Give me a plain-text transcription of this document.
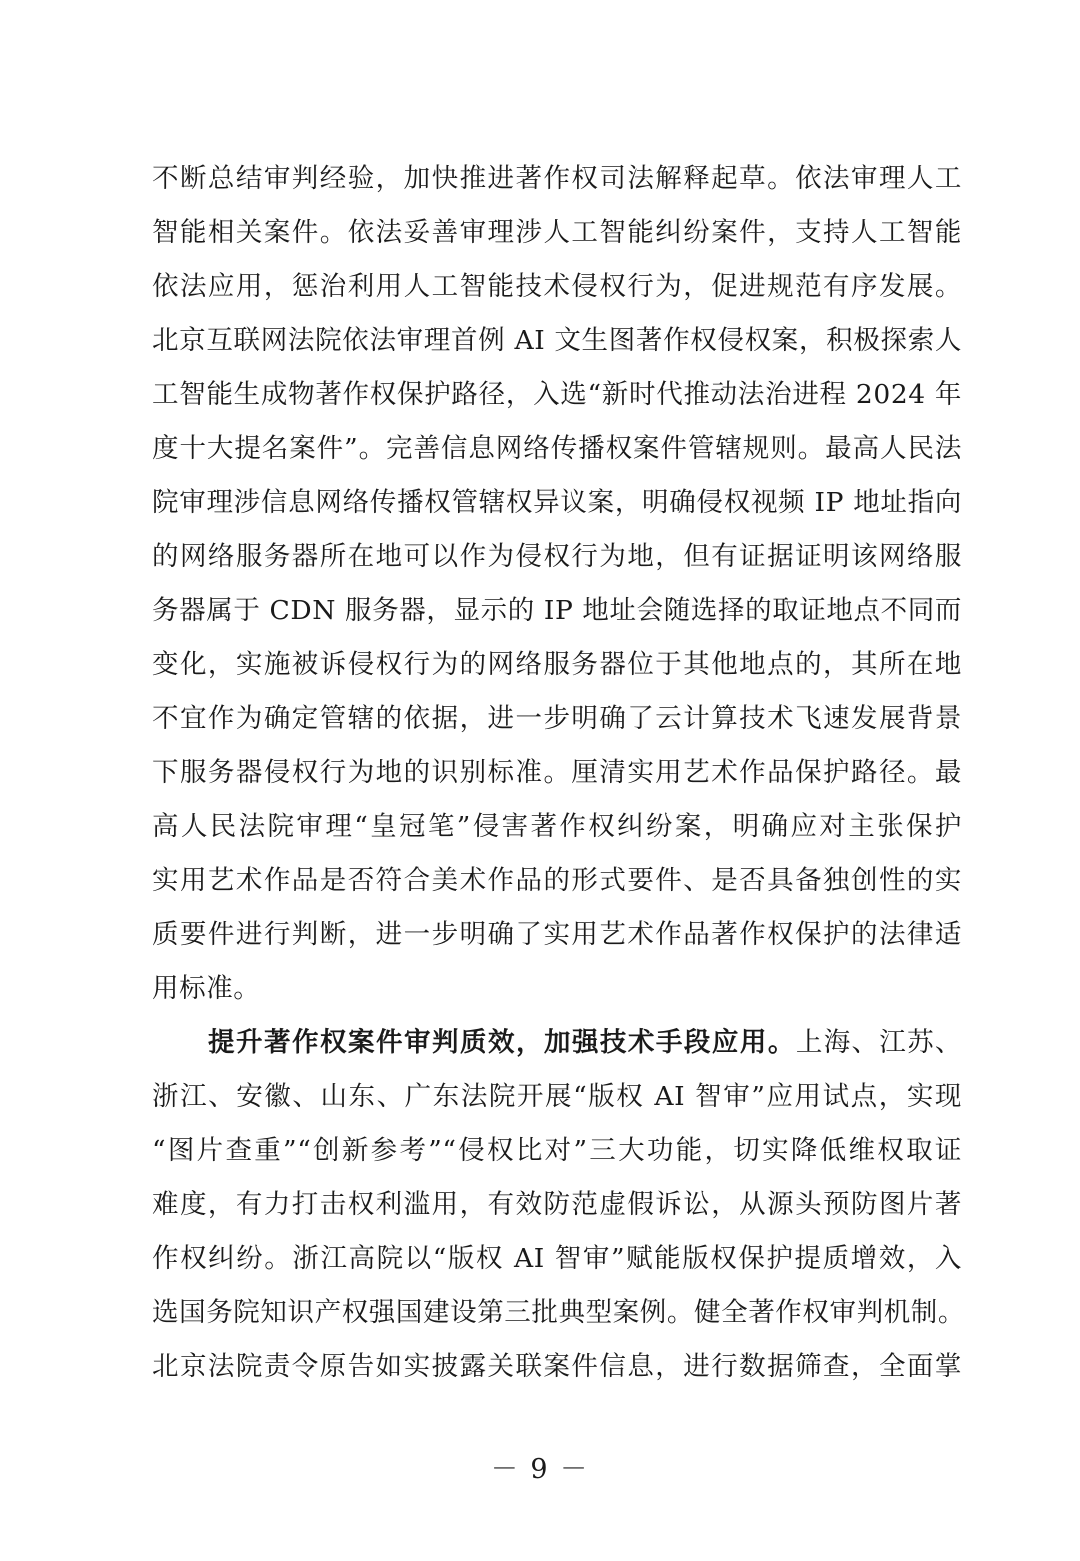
不断总结审判经验，加快推进著作权司法解释起草。依法审理人工
智能相关案件。依法妥善审理涉人工智能纠纷案件，支持人工智能
依法应用，惩治利用人工智能技术侵权行为，促进规范有序发展。
北京互联网法院依法审理首例 AI 文生图著作权侵权案，积极探索人
工智能生成物著作权保护路径，入选“新时代推动法治进程 2024 年
度十大提名案件”。完善信息网络传播权案件管辖规则。最高人民法
院审理涉信息网络传播权管辖权异议案，明确侵权视频 IP 地址指向
的网络服务器所在地可以作为侵权行为地，但有证据证明该网络服
务器属于 CDN 服务器，显示的 IP 地址会随选择的取证地点不同而
变化，实施被诉侵权行为的网络服务器位于其他地点的，其所在地
不宜作为确定管辖的依据，进一步明确了云计算技术飞速发展背景
下服务器侵权行为地的识别标准。厘清实用艺术作品保护路径。最
高人民法院审理“皇冠笔”侵害著作权纠纷案，明确应对主张保护
实用艺术作品是否符合美术作品的形式要件、是否具备独创性的实
质要件进行判断，进一步明确了实用艺术作品著作权保护的法律适
用标准。
提升著作权案件审判质效，加强技术手段应用。上海、江苏、
浙江、安徽、山东、广东法院开展“版权 AI 智审”应用试点，实现
“图片查重”“创新参考”“侵权比对”三大功能，切实降低维权取证
难度，有力打击权利滥用，有效防范虚假诉讼，从源头预防图片著
作权纠纷。浙江高院以“版权 AI 智审”赋能版权保护提质增效，入
选国务院知识产权强国建设第三批典型案例。健全著作权审判机制。
北京法院责令原告如实披露关联案件信息，进行数据筛查，全面掌
－ 9 －
